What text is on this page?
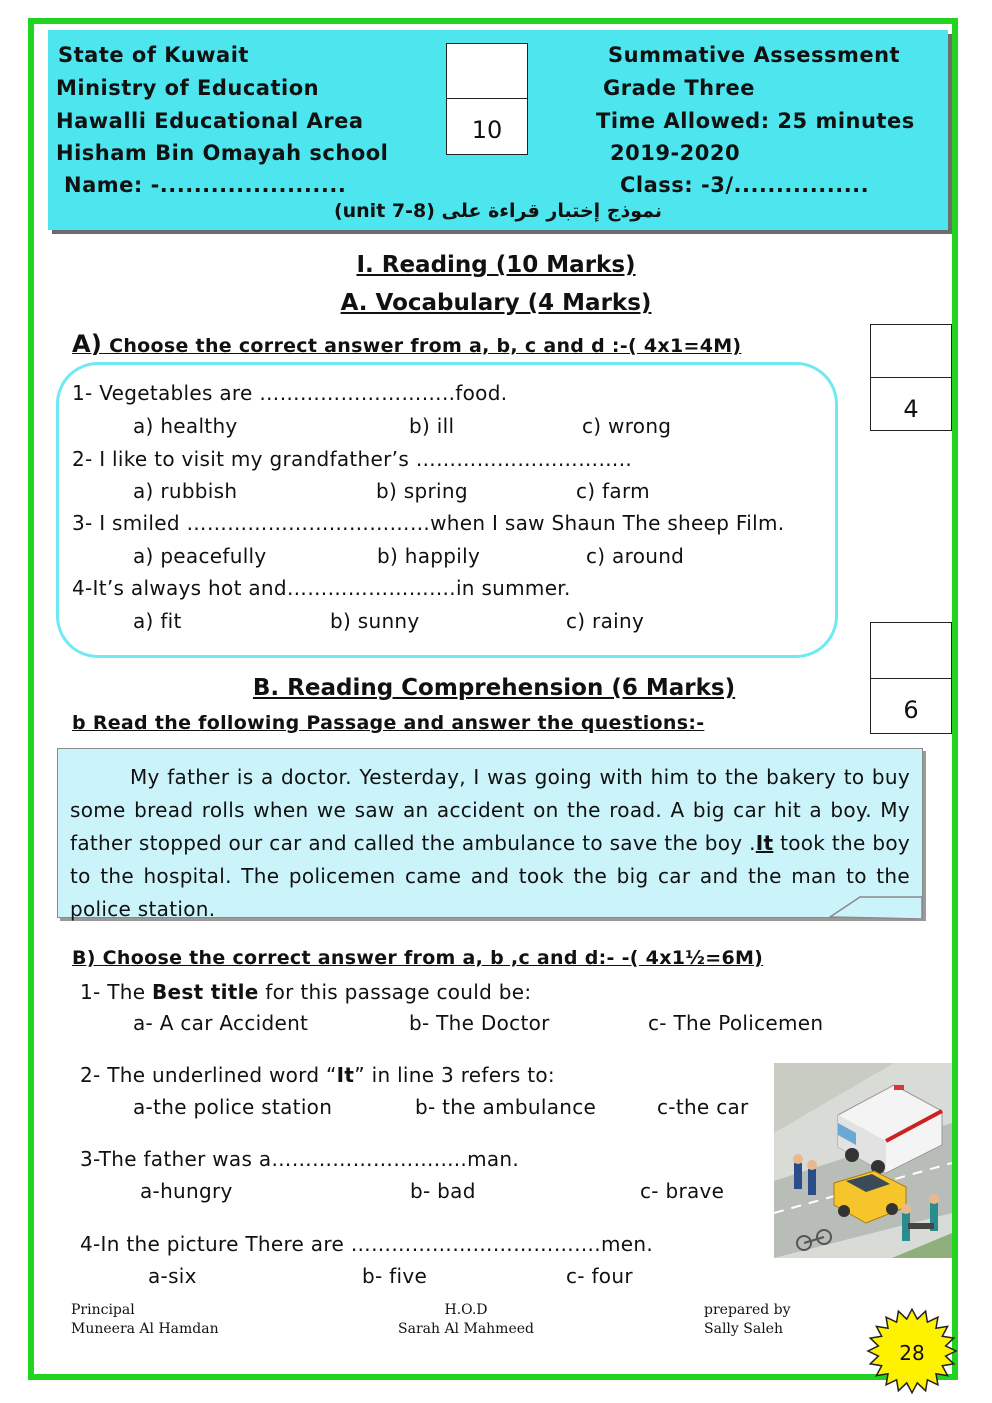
State of Kuwait
Ministry of Education
Hawalli Educational Area
Hisham Bin Omayah school
Name: -......................
Summative Assessment
Grade Three
Time Allowed: 25 minutes
2019-2020
Class: -3/................
10
نموذج إختبار قراءة على (unit 7-8)
I. Reading (10 Marks)
A. Vocabulary (4 Marks)
A) Choose the correct answer from a, b, c and d :-( 4x1=4M)
4
1- Vegetables are ………………………..food.
a) healthy	b) ill	c) wrong
2- I like to visit my grandfather’s …………………………..
a) rubbish	b) spring	c) farm
3- I smiled ………………………………when I saw Shaun The sheep Film.
a) peacefully	b) happily	c) around
4-It’s always hot and…………………….in summer.
a) fit	b) sunny	c) rainy
6
B. Reading Comprehension (6 Marks)
b Read the following Passage and answer the questions:-
My father is a doctor. Yesterday, I was going with him to the bakery to buy some bread rolls when we saw an accident on the road. A big car hit a boy. My father stopped our car and called the ambulance to save the boy .It took the boy to the hospital. The policemen came and took the big car and the man to the police station.
B) Choose the correct answer from a, b ,c and d:- -( 4x1½=6M)
1- The Best title for this passage could be:
a- A car Accident	b- The Doctor	c- The Policemen
2- The underlined word “It” in line 3 refers to:
a-the police station	b- the ambulance	c-the car
3-The father was a…………………….....man.
a-hungry	b- bad	c- brave
4-In the picture There are ……………………………….men.
a-six	b- five	c- four
Principal
Muneera Al Hamdan
H.O.D
Sarah Al Mahmeed
prepared by
Sally Saleh
28
